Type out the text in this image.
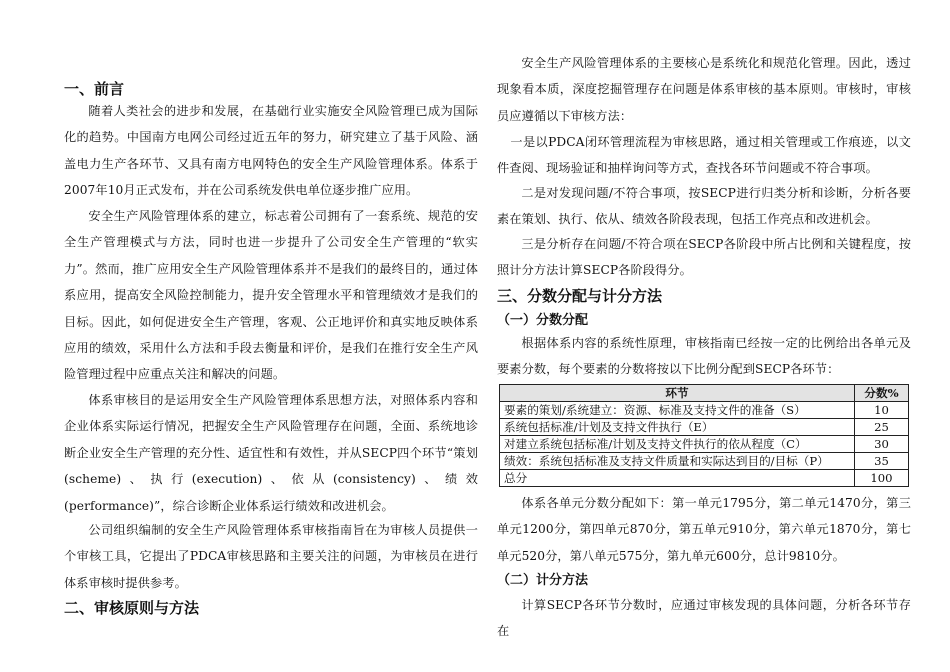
一、前言

随着人类社会的进步和发展，在基础行业实施安全风险管理已成为国际化的趋势。中国南方电网公司经过近五年的努力，研究建立了基于风险、涵盖电力生产各环节、又具有南方电网特色的安全生产风险管理体系。体系于2007年10月正式发布，并在公司系统发供电单位逐步推广应用。

安全生产风险管理体系的建立，标志着公司拥有了一套系统、规范的安全生产管理模式与方法，同时也进一步提升了公司安全生产管理的“软实力”。然而，推广应用安全生产风险管理体系并不是我们的最终目的，通过体系应用，提高安全风险控制能力，提升安全管理水平和管理绩效才是我们的目标。因此，如何促进安全生产管理，客观、公正地评价和真实地反映体系应用的绩效，采用什么方法和手段去衡量和评价，是我们在推行安全生产风险管理过程中应重点关注和解决的问题。

体系审核目的是运用安全生产风险管理体系思想方法，对照体系内容和企业体系实际运行情况，把握安全生产风险管理存在问题，全面、系统地诊断企业安全生产管理的充分性、适宜性和有效性，并从SECP四个环节“策划(scheme)、执行(execution)、依从(consistency)、绩效(performance)”，综合诊断企业体系运行绩效和改进机会。

公司组织编制的安全生产风险管理体系审核指南旨在为审核人员提供一个审核工具，它提出了PDCA审核思路和主要关注的问题，为审核员在进行体系审核时提供参考。

二、审核原则与方法

安全生产风险管理体系的主要核心是系统化和规范化管理。因此，透过现象看本质，深度挖掘管理存在问题是体系审核的基本原则。审核时，审核员应遵循以下审核方法：

一是以PDCA闭环管理流程为审核思路，通过相关管理或工作痕迹，以文件查阅、现场验证和抽样询问等方式，查找各环节问题或不符合事项。

二是对发现问题/不符合事项，按SECP进行归类分析和诊断，分析各要素在策划、执行、依从、绩效各阶段表现，包括工作亮点和改进机会。

三是分析存在问题/不符合项在SECP各阶段中所占比例和关键程度，按照计分方法计算SECP各阶段得分。

三、分数分配与计分方法
（一）分数分配

根据体系内容的系统性原理，审核指南已经按一定的比例给出各单元及要素分数，每个要素的分数将按以下比例分配到SECP各环节：

环节	分数%
要素的策划/系统建立：资源、标准及支持文件的准备（S）	10
系统包括标准/计划及支持文件执行（E）	25
对建立系统包括标准/计划及支持文件执行的依从程度（C）	30
绩效：系统包括标准及支持文件质量和实际达到目的/目标（P）	35
总分	100

体系各单元分数分配如下：第一单元1795分，第二单元1470分，第三单元1200分，第四单元870分，第五单元910分，第六单元1870分，第七单元520分，第八单元575分，第九单元600分，总计9810分。

（二）计分方法

计算SECP各环节分数时，应通过审核发现的具体问题，分析各环节存在
